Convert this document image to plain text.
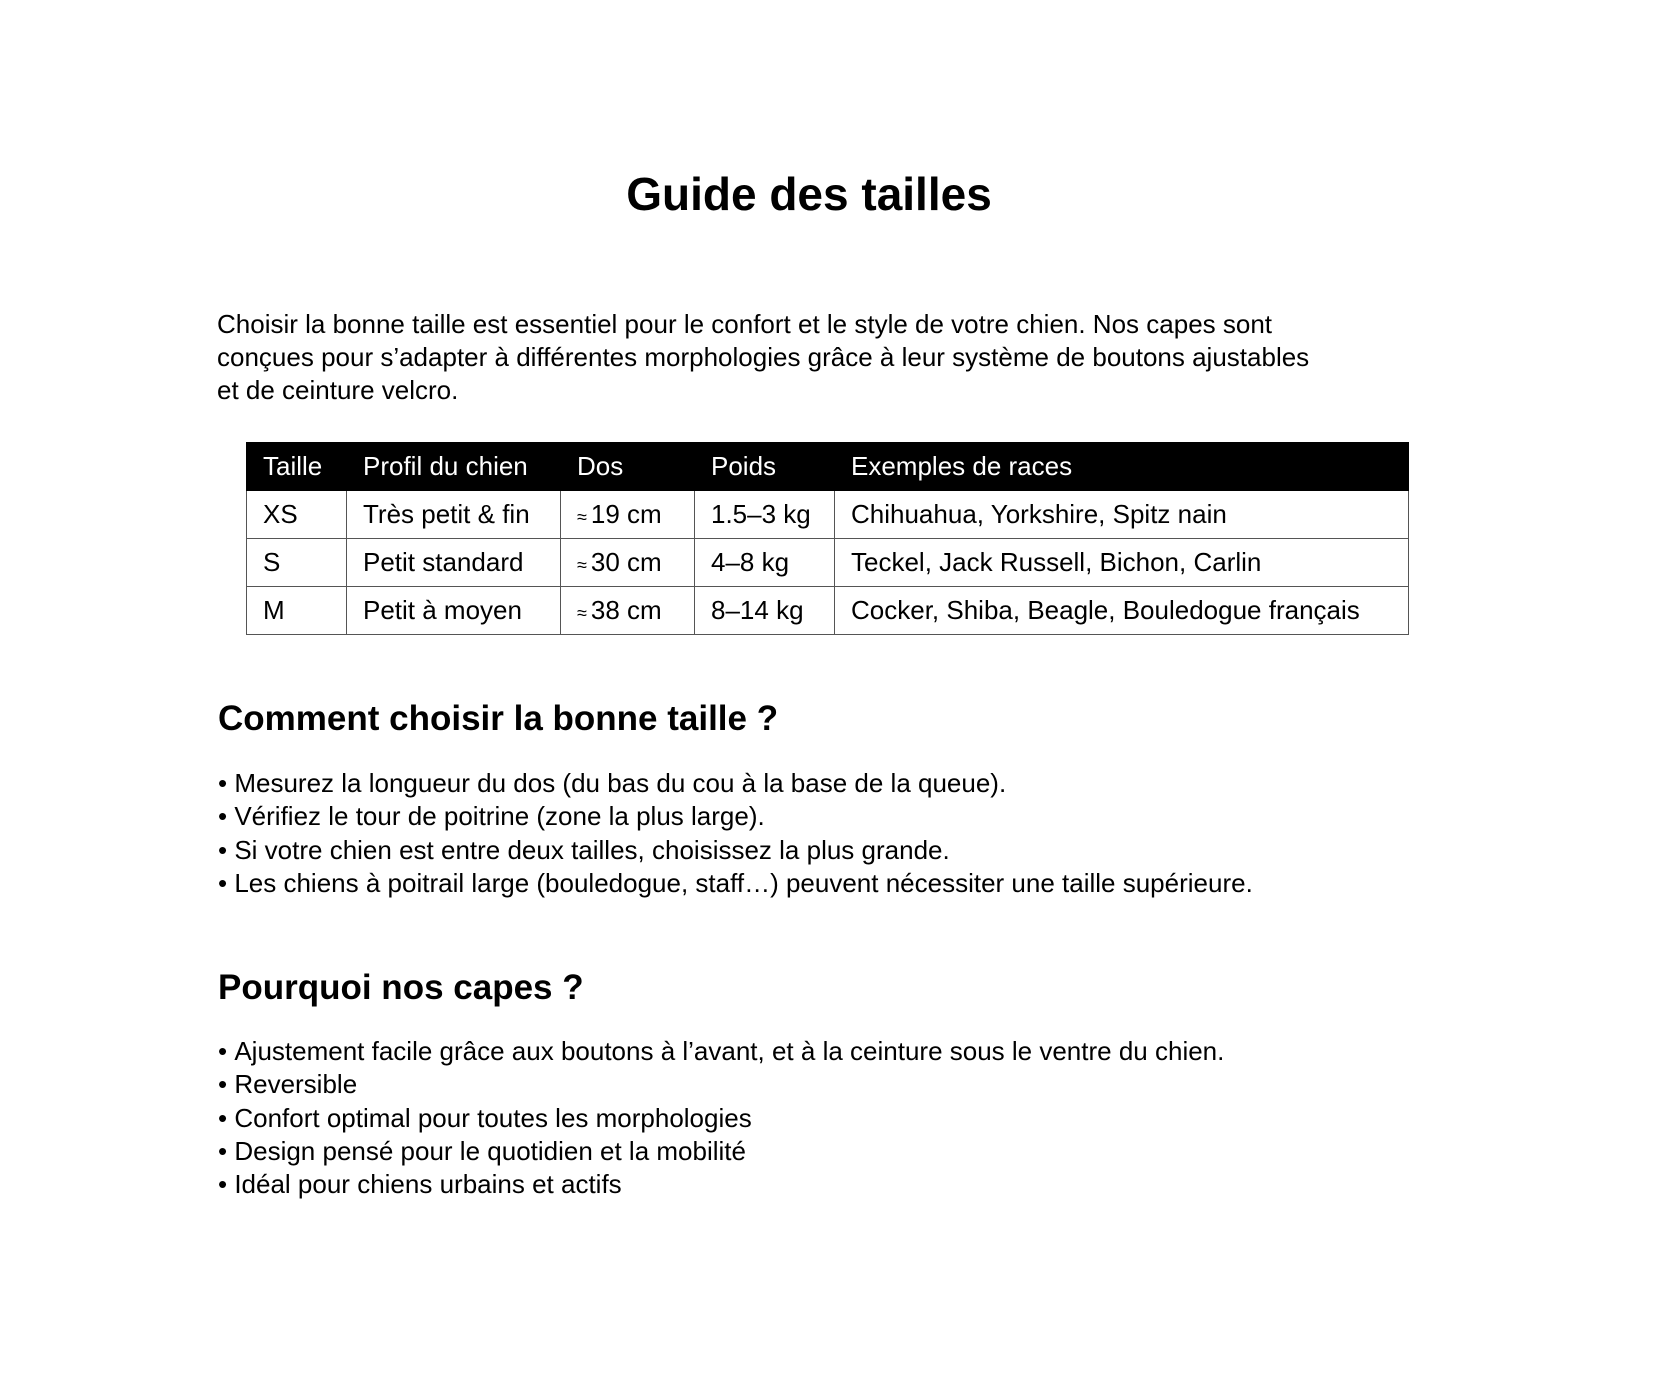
Guide des tailles

Choisir la bonne taille est essentiel pour le confort et le style de votre chien. Nos capes sont
conçues pour s’adapter à différentes morphologies grâce à leur système de boutons ajustables
et de ceinture velcro.

Taille	Profil du chien	Dos	Poids	Exemples de races
XS	Très petit & fin	≈ 19 cm	1.5–3 kg	Chihuahua, Yorkshire, Spitz nain
S	Petit standard	≈ 30 cm	4–8 kg	Teckel, Jack Russell, Bichon, Carlin
M	Petit à moyen	≈ 38 cm	8–14 kg	Cocker, Shiba, Beagle, Bouledogue français
Comment choisir la bonne taille ?
• Mesurez la longueur du dos (du bas du cou à la base de la queue).
• Vérifiez le tour de poitrine (zone la plus large).
• Si votre chien est entre deux tailles, choisissez la plus grande.
• Les chiens à poitrail large (bouledogue, staff…) peuvent nécessiter une taille supérieure.
Pourquoi nos capes ?
• Ajustement facile grâce aux boutons à l’avant, et à la ceinture sous le ventre du chien.
• Reversible
• Confort optimal pour toutes les morphologies
• Design pensé pour le quotidien et la mobilité
• Idéal pour chiens urbains et actifs
